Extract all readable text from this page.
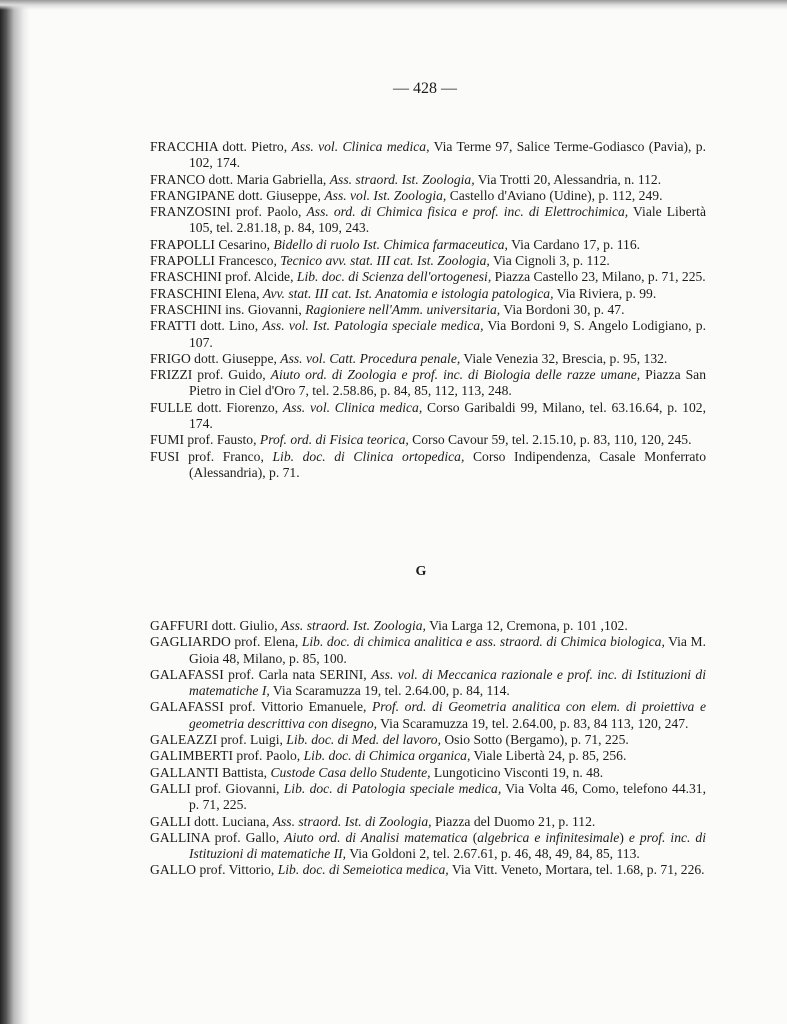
— 428 —

FRACCHIA dott. Pietro, Ass. vol. Clinica medica, Via Terme 97, Salice Terme-Godiasco (Pavia), p. 102, 174.

FRANCO dott. Maria Gabriella, Ass. straord. Ist. Zoologia, Via Trotti 20, Alessandria, n. 112.

FRANGIPANE dott. Giuseppe, Ass. vol. Ist. Zoologia, Castello d'Aviano (Udine), p. 112, 249.

FRANZOSINI prof. Paolo, Ass. ord. di Chimica fisica e prof. inc. di Elettrochimica, Viale Libertà 105, tel. 2.81.18, p. 84, 109, 243.

FRAPOLLI Cesarino, Bidello di ruolo Ist. Chimica farmaceutica, Via Cardano 17, p. 116.

FRAPOLLI Francesco, Tecnico avv. stat. III cat. Ist. Zoologia, Via Cignoli 3, p. 112.

FRASCHINI prof. Alcide, Lib. doc. di Scienza dell'ortogenesi, Piazza Castello 23, Milano, p. 71, 225.

FRASCHINI Elena, Avv. stat. III cat. Ist. Anatomia e istologia patologica, Via Riviera, p. 99.

FRASCHINI ins. Giovanni, Ragioniere nell'Amm. universitaria, Via Bordoni 30, p. 47.

FRATTI dott. Lino, Ass. vol. Ist. Patologia speciale medica, Via Bordoni 9, S. Angelo Lodigiano, p. 107.

FRIGO dott. Giuseppe, Ass. vol. Catt. Procedura penale, Viale Venezia 32, Brescia, p. 95, 132.

FRIZZI prof. Guido, Aiuto ord. di Zoologia e prof. inc. di Biologia delle razze umane, Piazza San Pietro in Ciel d'Oro 7, tel. 2.58.86, p. 84, 85, 112, 113, 248.

FULLE dott. Fiorenzo, Ass. vol. Clinica medica, Corso Garibaldi 99, Milano, tel. 63.16.64, p. 102, 174.

FUMI prof. Fausto, Prof. ord. di Fisica teorica, Corso Cavour 59, tel. 2.15.10, p. 83, 110, 120, 245.

FUSI prof. Franco, Lib. doc. di Clinica ortopedica, Corso Indipendenza, Casale Monferrato (Alessandria), p. 71.

G

GAFFURI dott. Giulio, Ass. straord. Ist. Zoologia, Via Larga 12, Cremona, p. 101 ,102.

GAGLIARDO prof. Elena, Lib. doc. di chimica analitica e ass. straord. di Chimica biologica, Via M. Gioia 48, Milano, p. 85, 100.

GALAFASSI prof. Carla nata SERINI, Ass. vol. di Meccanica razionale e prof. inc. di Istituzioni di matematiche I, Via Scaramuzza 19, tel. 2.64.00, p. 84, 114.

GALAFASSI prof. Vittorio Emanuele, Prof. ord. di Geometria analitica con elem. di proiettiva e geometria descrittiva con disegno, Via Scaramuzza 19, tel. 2.64.00, p. 83, 84 113, 120, 247.

GALEAZZI prof. Luigi, Lib. doc. di Med. del lavoro, Osio Sotto (Bergamo), p. 71, 225.

GALIMBERTI prof. Paolo, Lib. doc. di Chimica organica, Viale Libertà 24, p. 85, 256.

GALLANTI Battista, Custode Casa dello Studente, Lungoticino Visconti 19, n. 48.

GALLI prof. Giovanni, Lib. doc. di Patologia speciale medica, Via Volta 46, Como, telefono 44.31, p. 71, 225.

GALLI dott. Luciana, Ass. straord. Ist. di Zoologia, Piazza del Duomo 21, p. 112.

GALLINA prof. Gallo, Aiuto ord. di Analisi matematica (algebrica e infinitesimale) e prof. inc. di Istituzioni di matematiche II, Via Goldoni 2, tel. 2.67.61, p. 46, 48, 49, 84, 85, 113.

GALLO prof. Vittorio, Lib. doc. di Semeiotica medica, Via Vitt. Veneto, Mortara, tel. 1.68, p. 71, 226.
